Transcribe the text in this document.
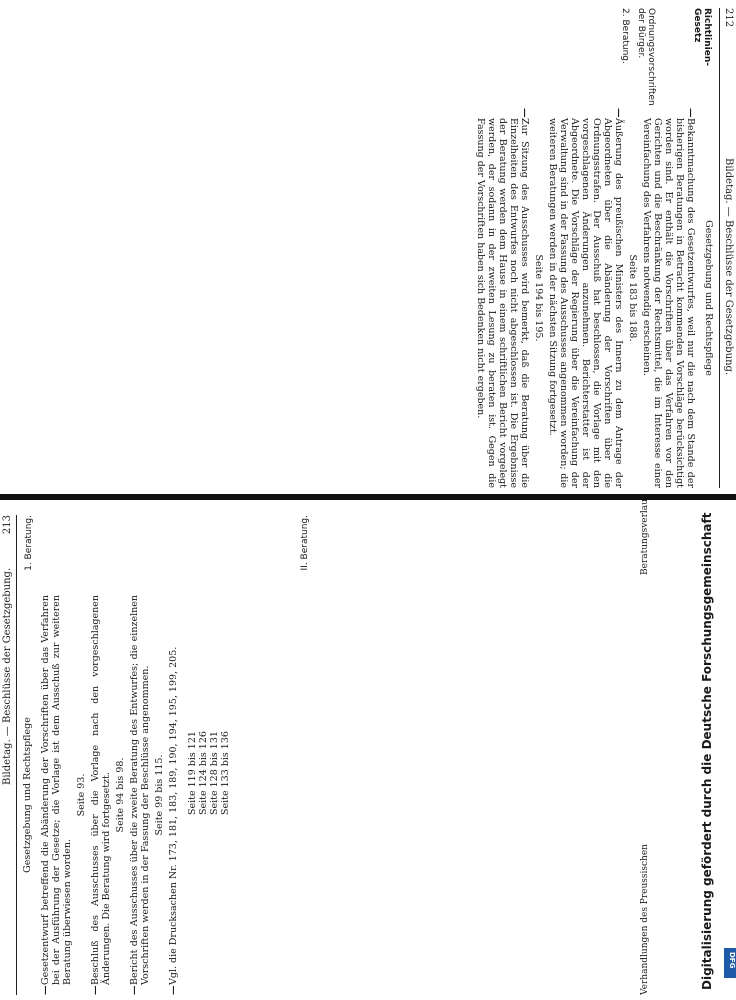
212
Bildetag. — Beschlüsse der Gesetzgebung.
Richtlinien-Gesetz
Ordnungsvorschriften der Bürger.
2. Beratung.
Gesetzgebung und Rechtspflege

—
Bekanntmachung des Gesetzentwurfes, weil nur die nach dem Stande der bisherigen Beratungen in Betracht kommenden Vorschläge berücksichtigt worden sind. Er enthält die Vorschriften über das Verfahren vor den Gerichten und die Beschränkung der Rechtsmittel, die im Interesse einer Vereinfachung des Verfahrens notwendig erscheinen.

Seite 183 bis 188.

—
Äußerung des preußischen Ministers des Innern zu dem Antrage der Abgeordneten über die Abänderung der Vorschriften über die Ordnungsstrafen. Der Ausschuß hat beschlossen, die Vorlage mit den vorgeschlagenen Änderungen anzunehmen. Berichterstatter ist der Abgeordnete. Die Vorschläge der Regierung über die Vereinfachung der Verwaltung sind in der Fassung des Ausschusses angenommen worden; die weiteren Beratungen werden in der nächsten Sitzung fortgesetzt.

Seite 194 bis 195.

—
Zur Sitzung des Ausschusses wird bemerkt, daß die Beratung über die Einzelheiten des Entwurfes noch nicht abgeschlossen ist. Die Ergebnisse der Beratung werden dem Hause in einem schriftlichen Bericht vorgelegt werden, der sodann in der zweiten Lesung zu beraten ist. Gegen die Fassung der Vorschriften haben sich Bedenken nicht ergeben.

Bildetag. — Beschlüsse der Gesetzgebung.
213 1. Beratung.	II. Beratung.
Gesetzgebung und Rechtspflege

—
Gesetzentwurf betreffend die Abänderung der Vorschriften über das Verfahren bei der Ausführung der Gesetze; die Vorlage ist dem Ausschuß zur weiteren Beratung überwiesen worden.

Seite 93.

—
Beschluß des Ausschusses über die Vorlage nach den vorgeschlagenen Änderungen. Die Beratung wird fortgesetzt. Seite 94 bis 98.

—
Bericht des Ausschusses über die zweite Beratung des Entwurfes; die einzelnen Vorschriften werden in der Fassung der Beschlüsse angenommen. Seite 99 bis 115.

—
Vgl. die Drucksachen Nr. 173, 181, 183, 189, 190, 194, 195, 199, 205. Seite 119 bis 121 Seite 124 bis 126 Seite 128 bis 131 Seite 133 bis 136
Verhandlungen des Preussischen
Beratungsverlauf.	Digitalisierung gefördert durch die Deutsche Forschungsgemeinschaft	DFG
